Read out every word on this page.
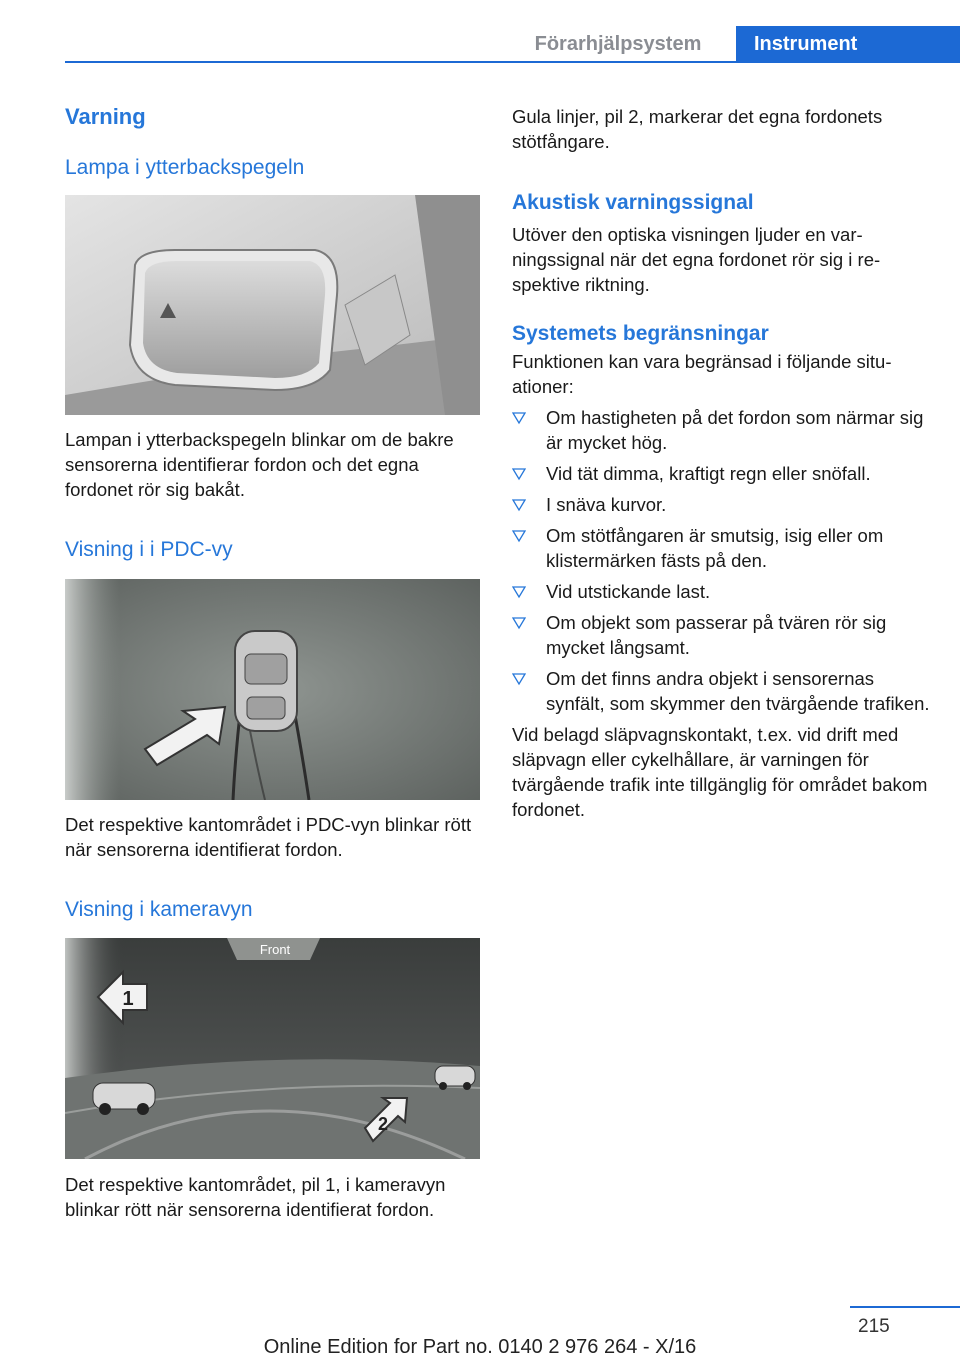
Förarhjälpsystem	Instrument
Varning
Lampa i ytterbackspegeln

Lampan i ytterbackspegeln blinkar om de bakre sensorerna identifierar fordon och det egna fordonet rör sig bakåt.

Visning i i PDC-vy

Det respektive kantområdet i PDC-vyn blinkar rött när sensorerna identifierat fordon.

Visning i kameravyn
Front
1
2

Det respektive kantområdet, pil 1, i kameravyn blinkar rött när sensorerna identifierat fordon.

Gula linjer, pil 2, markerar det egna fordonets stötfångare.

Akustisk varningssignal

Utöver den optiska visningen ljuder en varningssignal när det egna fordonet rör sig i respektive riktning.

Systemets begränsningar

Funktionen kan vara begränsad i följande situationer:

Om hastigheten på det fordon som närmar sig är mycket hög.
Vid tät dimma, kraftigt regn eller snöfall.
I snäva kurvor.
Om stötfångaren är smutsig, isig eller om klistermärken fästs på den.
Vid utstickande last.
Om objekt som passerar på tvären rör sig mycket långsamt.
Om det finns andra objekt i sensorernas synfält, som skymmer den tvärgående trafiken.

Vid belagd släpvagnskontakt, t.ex. vid drift med släpvagn eller cykelhållare, är varningen för tvärgående trafik inte tillgänglig för området bakom fordonet.

215
Online Edition for Part no. 0140 2 976 264 - X/16
